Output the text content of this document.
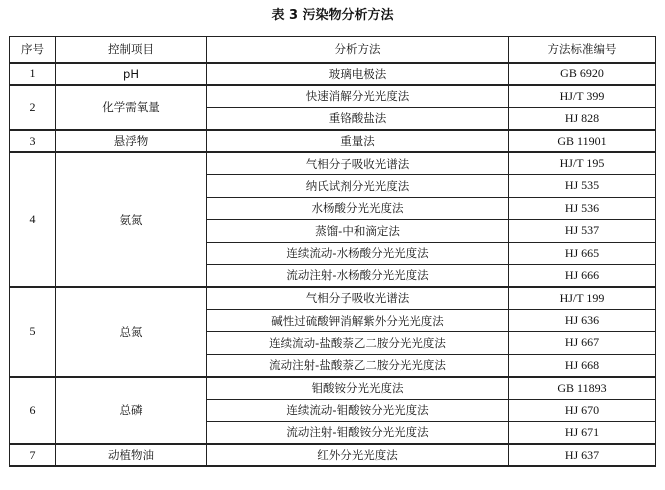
表 3 污染物分析方法
序号	控制项目	分析方法	方法标准编号
1	pH	玻璃电极法	GB 6920
2	化学需氧量	快速消解分光光度法	HJ/T 399
		重铬酸盐法	HJ 828
3	悬浮物	重量法	GB 11901
4	氨氮	气相分子吸收光谱法	HJ/T 195
		纳氏试剂分光光度法	HJ 535
		水杨酸分光光度法	HJ 536
		蒸馏-中和滴定法	HJ 537
		连续流动-水杨酸分光光度法	HJ 665
		流动注射-水杨酸分光光度法	HJ 666
5	总氮	气相分子吸收光谱法	HJ/T 199
		碱性过硫酸钾消解紫外分光光度法	HJ 636
		连续流动-盐酸萘乙二胺分光光度法	HJ 667
		流动注射-盐酸萘乙二胺分光光度法	HJ 668
6	总磷	钼酸铵分光光度法	GB 11893
		连续流动-钼酸铵分光光度法	HJ 670
		流动注射-钼酸铵分光光度法	HJ 671
7	动植物油	红外分光光度法	HJ 637
